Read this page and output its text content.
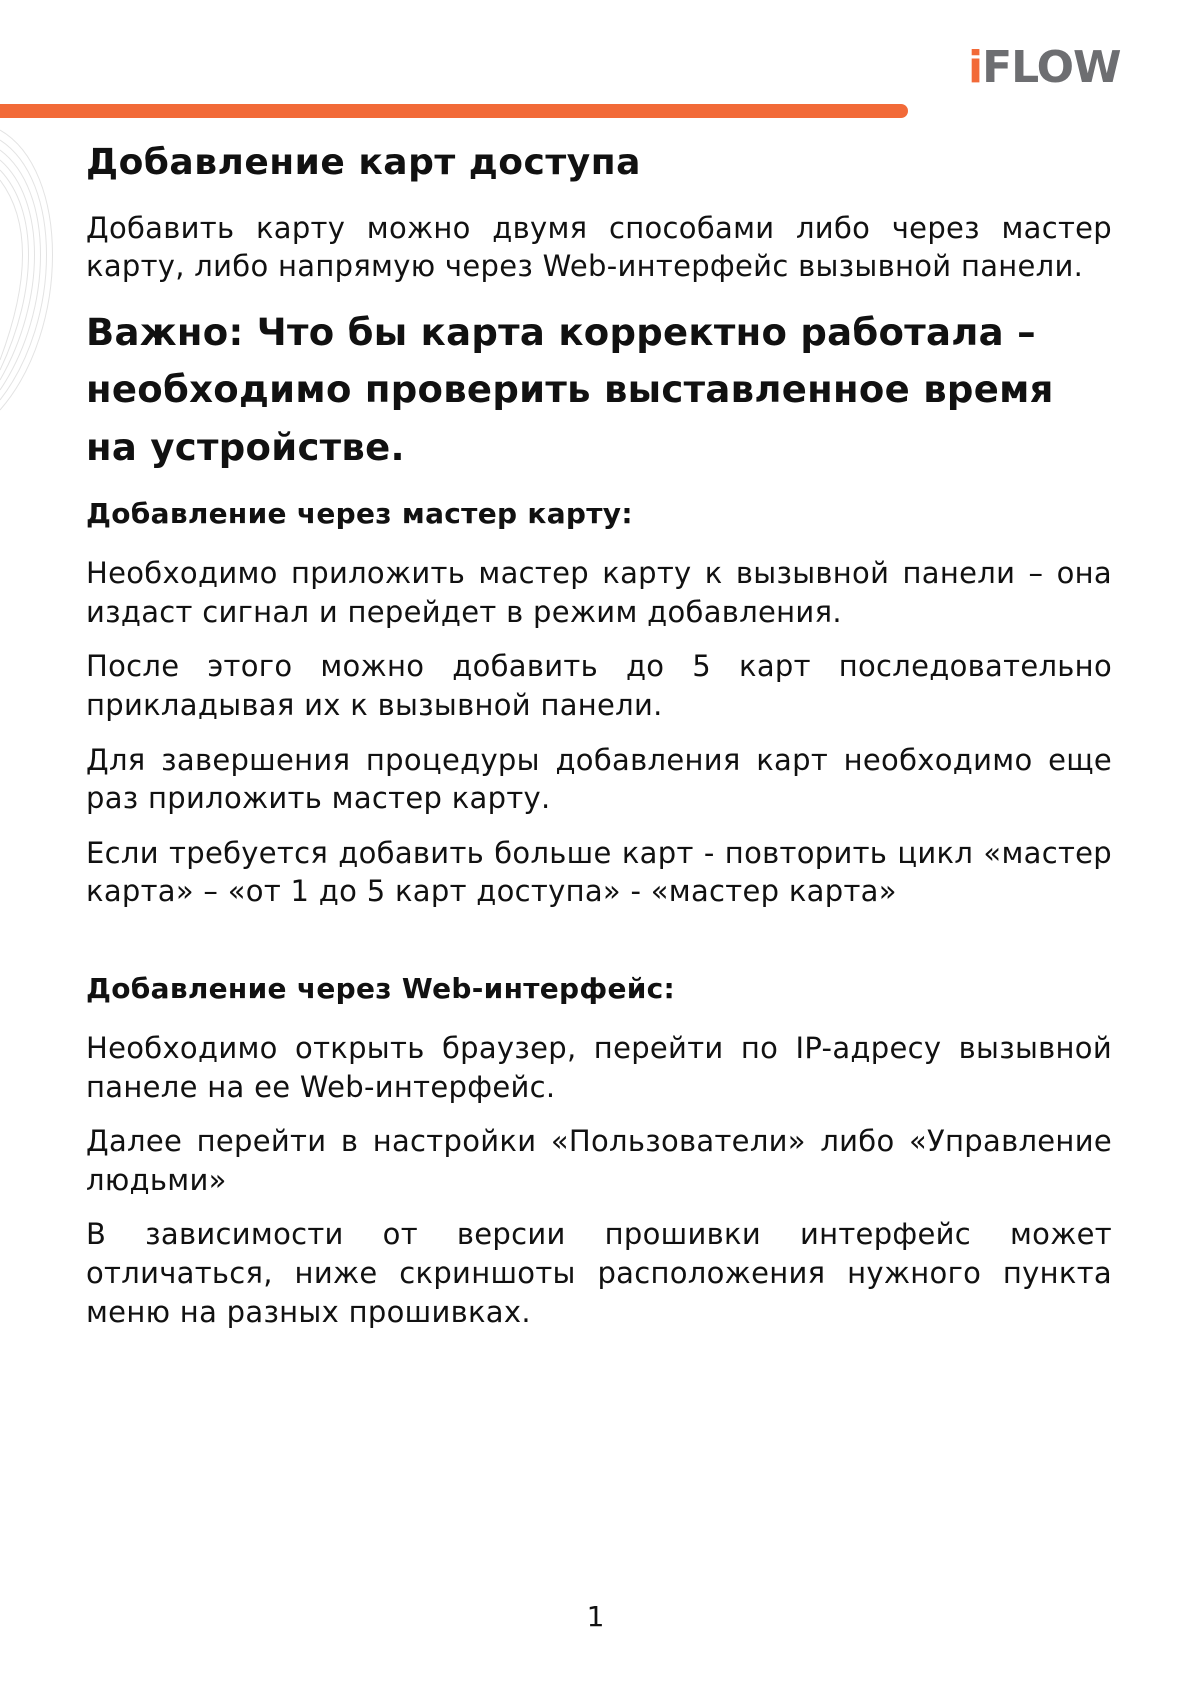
i FLOW
Добавление карт доступа

Добавить карту можно двумя способами либо через мастер карту, либо напрямую через Web-интерфейс вызывной панели.

Важно: Что бы карта корректно работала – необходимо проверить выставленное время на устройстве.

Добавление через мастер карту:

Необходимо приложить мастер карту к вызывной панели – она издаст сигнал и перейдет в режим добавления.

После этого можно добавить до 5 карт последовательно прикладывая их к вызывной панели.

Для завершения процедуры добавления карт необходимо еще раз приложить мастер карту.

Если требуется добавить больше карт - повторить цикл «мастер карта» – «от 1 до 5 карт доступа» - «мастер карта»

Добавление через Web-интерфейс:

Необходимо открыть браузер, перейти по IP-адресу вызывной панеле на ее Web-интерфейс.

Далее перейти в настройки «Пользователи» либо «Управление людьми»

В зависимости от версии прошивки интерфейс может отличаться, ниже скриншоты расположения нужного пункта меню на разных прошивках.

1
